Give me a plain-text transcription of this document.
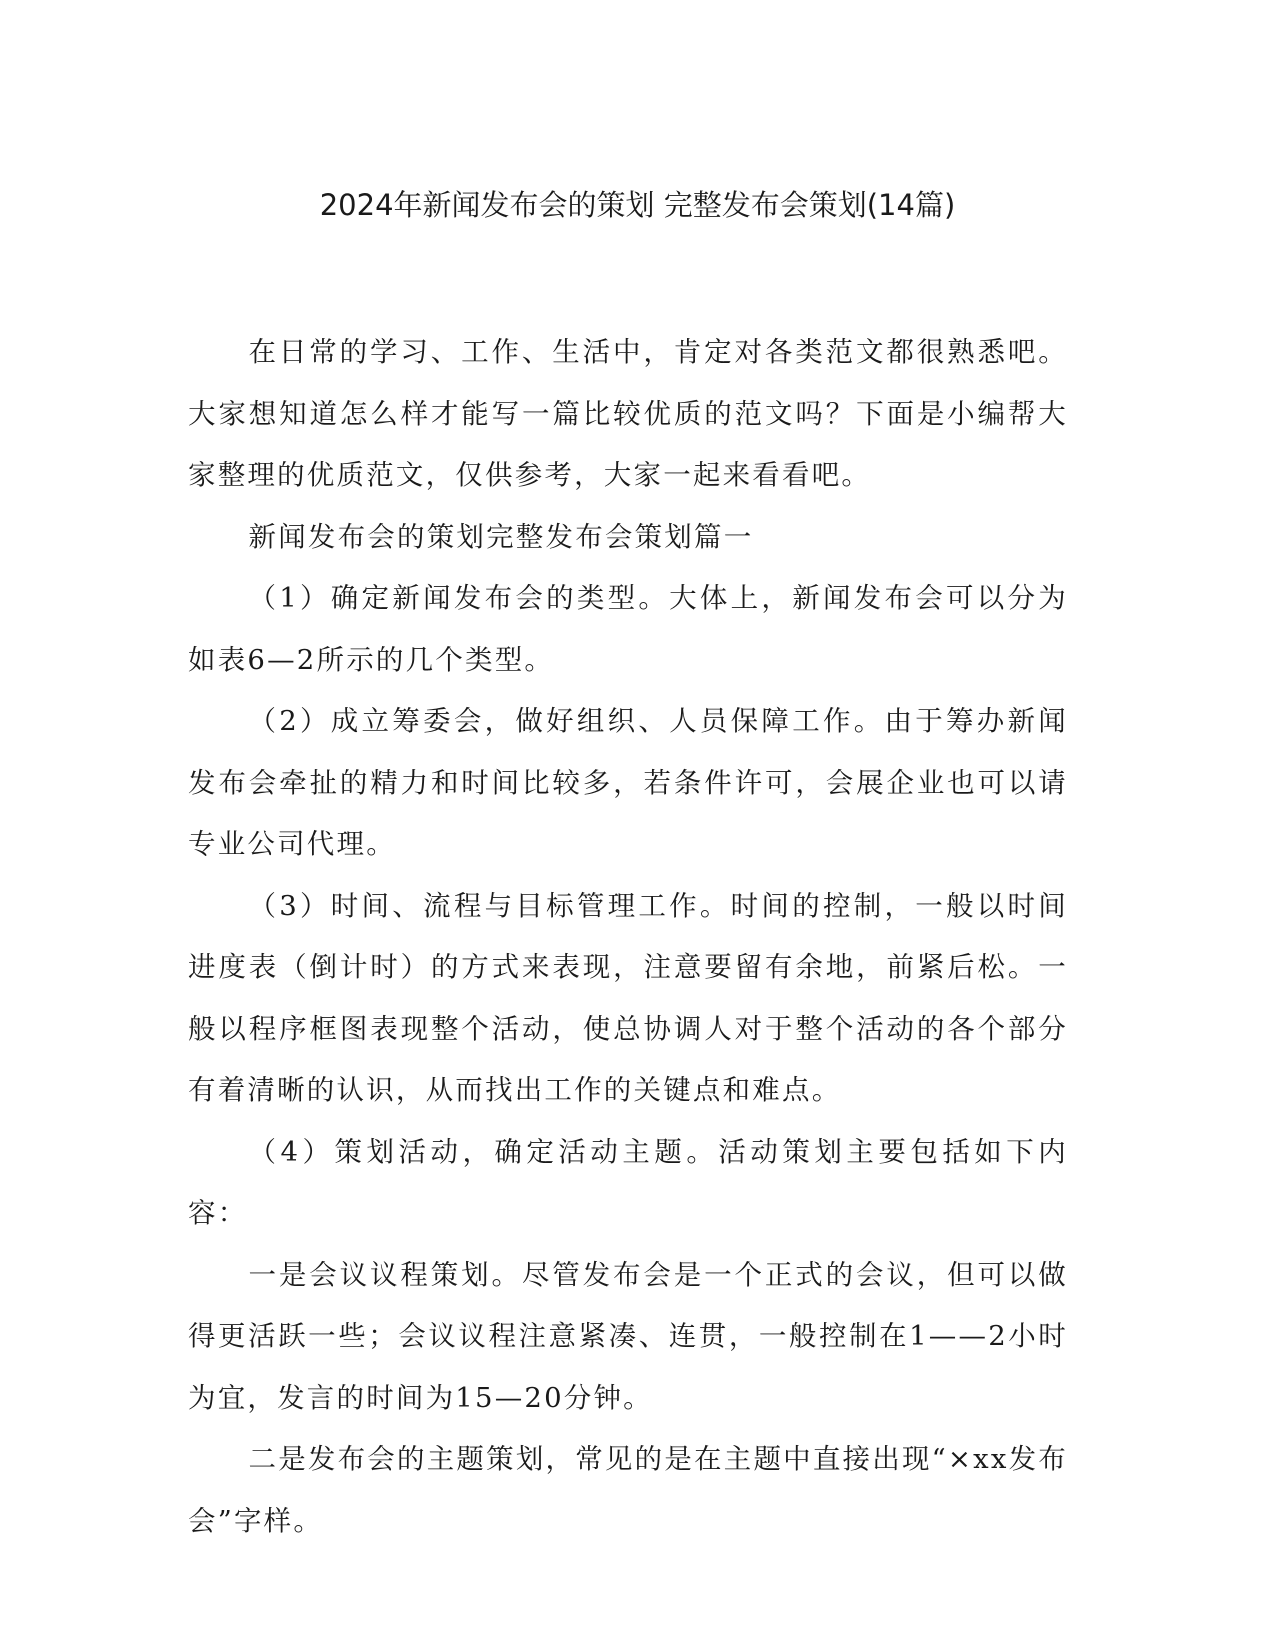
2024年新闻发布会的策划 完整发布会策划(14篇)

在日常的学习、工作、生活中，肯定对各类范文都很熟悉吧。大家想知道怎么样才能写一篇比较优质的范文吗？下面是小编帮大家整理的优质范文，仅供参考，大家一起来看看吧。

新闻发布会的策划完整发布会策划篇一

（1）确定新闻发布会的类型。大体上，新闻发布会可以分为如表6—2所示的几个类型。

（2）成立筹委会，做好组织、人员保障工作。由于筹办新闻发布会牵扯的精力和时间比较多，若条件许可，会展企业也可以请专业公司代理。

（3）时间、流程与目标管理工作。时间的控制，一般以时间进度表（倒计时）的方式来表现，注意要留有余地，前紧后松。一般以程序框图表现整个活动，使总协调人对于整个活动的各个部分有着清晰的认识，从而找出工作的关键点和难点。

（4）策划活动，确定活动主题。活动策划主要包括如下内容：

一是会议议程策划。尽管发布会是一个正式的会议，但可以做得更活跃一些；会议议程注意紧凑、连贯，一般控制在1——2小时为宜，发言的时间为15—20分钟。

二是发布会的主题策划，常见的是在主题中直接出现“×xx发布会”字样。
